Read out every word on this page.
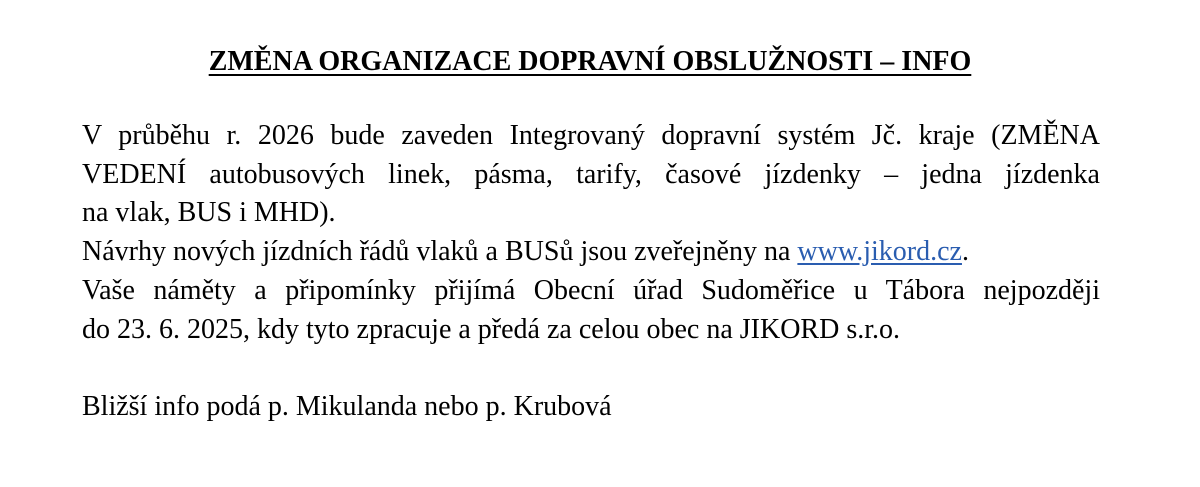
ZMĚNA ORGANIZACE DOPRAVNÍ OBSLUŽNOSTI – INFO
V průběhu r. 2026 bude zaveden Integrovaný dopravní systém Jč. kraje (ZMĚNA
VEDENÍ autobusových linek, pásma, tarify, časové jízdenky – jedna jízdenka
na vlak, BUS i MHD).
Návrhy nových jízdních řádů vlaků a BUSů jsou zveřejněny na www.jikord.cz.
Vaše náměty a připomínky přijímá Obecní úřad Sudoměřice u Tábora nejpozději
do 23. 6. 2025, kdy tyto zpracuje a předá za celou obec na JIKORD s.r.o.
Bližší info podá p. Mikulanda nebo p. Krubová
